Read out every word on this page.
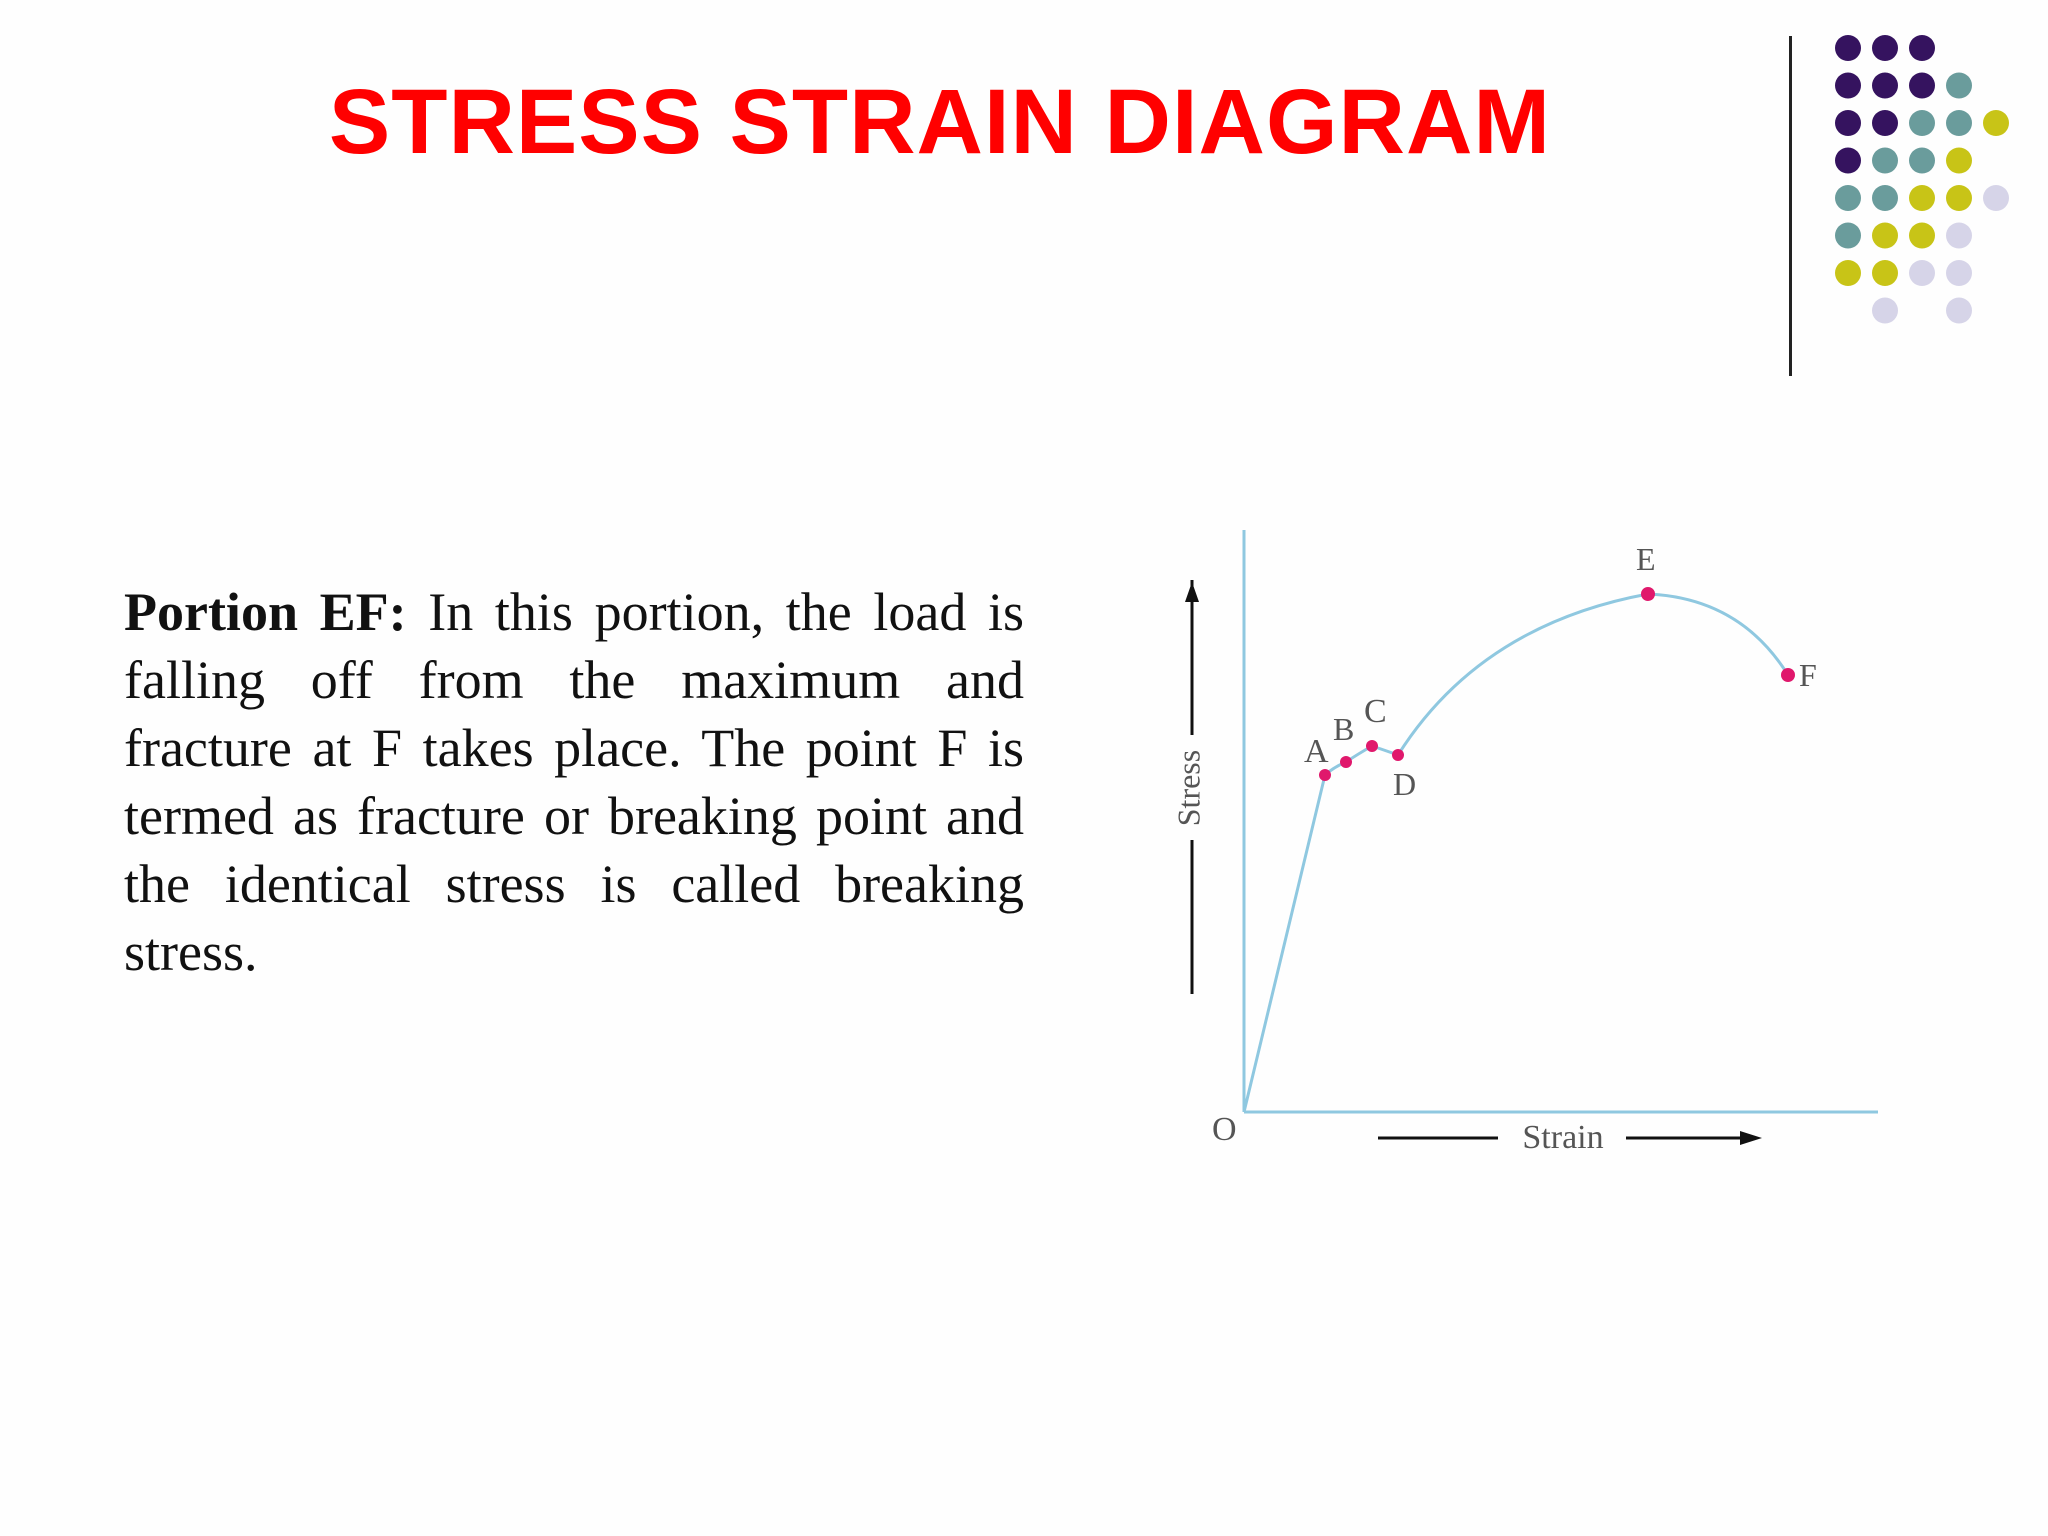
STRESS STRAIN DIAGRAM

Portion EF: In this portion, the load is falling off from the maximum and fracture at F takes place. The point F is termed as fracture or breaking point and the identical stress is called breaking stress.

A
B C
D
E
F
O
Stress
Strain
